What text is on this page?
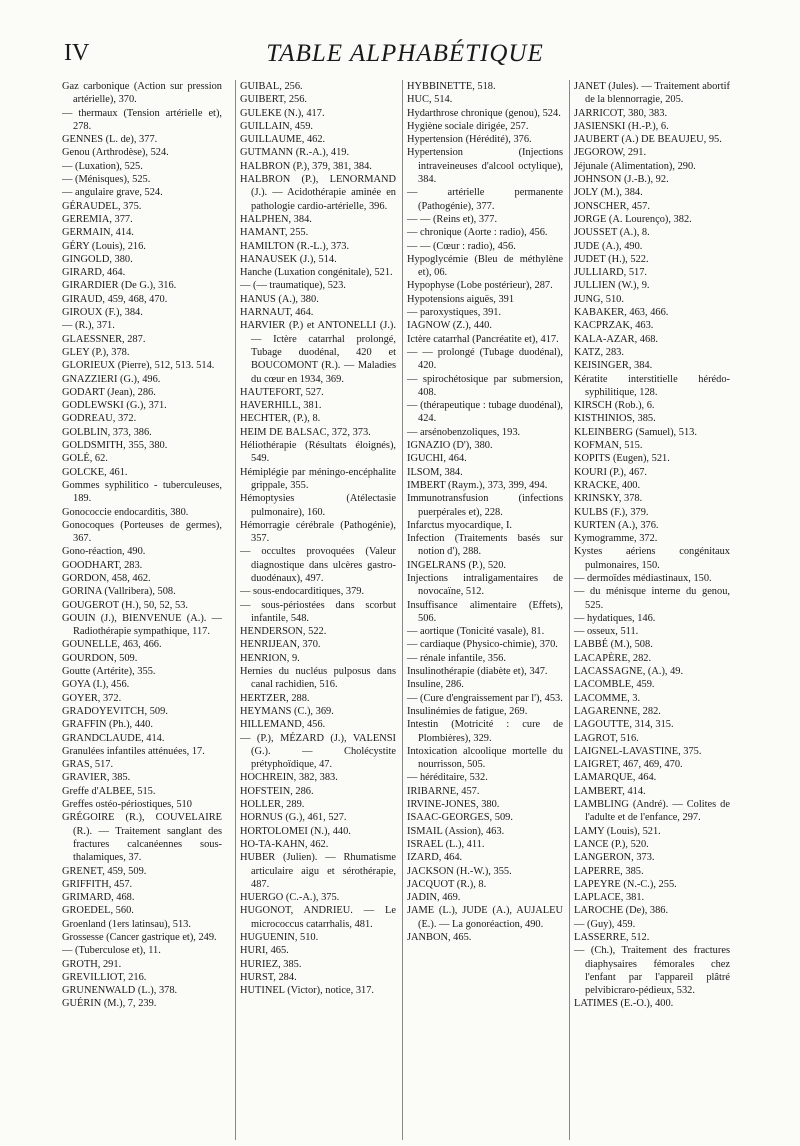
IV	TABLE ALPHABÉTIQUE

Gaz carbonique (Action sur pression artérielle), 370.

— thermaux (Tension artérielle et), 278.

GENNES (L. de), 377.

Genou (Arthrodèse), 524.

— (Luxation), 525.

— (Ménisques), 525.

— angulaire grave, 524.

GÉRAUDEL, 375.

GEREMIA, 377.

GERMAIN, 414.

GÉRY (Louis), 216.

GINGOLD, 380.

GIRARD, 464.

GIRARDIER (De G.), 316.

GIRAUD, 459, 468, 470.

GIROUX (F.), 384.

— (R.), 371.

GLAESSNER, 287.

GLEY (P.), 378.

GLORIEUX (Pierre), 512, 513. 514.

GNAZZIERI (G.), 496.

GODART (Jean), 286.

GODLEWSKI (G.), 371.

GODREAU, 372.

GOLBLIN, 373, 386.

GOLDSMITH, 355, 380.

GOLÉ, 62.

GOLCKE, 461.

Gommes syphilitico - tuberculeuses, 189.

Gonococcie endocarditis, 380.

Gonocoques (Porteuses de germes), 367.

Gono-réaction, 490.

GOODHART, 283.

GORDON, 458, 462.

GORINA (Vallribera), 508.

GOUGEROT (H.), 50, 52, 53.

GOUIN (J.), BIENVENUE (A.). — Radiothérapie sympathique, 117.

GOUNELLE, 463, 466.

GOURDON, 509.

Goutte (Artérite), 355.

GOYA (I.), 456.

GOYER, 372.

GRADOYEVITCH, 509.

GRAFFIN (Ph.), 440.

GRANDCLAUDE, 414.

Granulées infantiles atténuées, 17.

GRAS, 517.

GRAVIER, 385.

Greffe d'ALBEE, 515.

Greffes ostéo-périostiques, 510

GRÉGOIRE (R.), COUVELAIRE (R.). — Traitement sanglant des fractures calcanéennes sous-thalamiques, 37.

GRENET, 459, 509.

GRIFFITH, 457.

GRIMARD, 468.

GROEDEL, 560.

Groenland (1ers latinsau), 513.

Grossesse (Cancer gastrique et), 249.

— (Tuberculose et), 11.

GROTH, 291.

GREVILLIOT, 216.

GRUNENWALD (L.), 378.

GUÉRIN (M.), 7, 239.

GUIBAL, 256.

GUIBERT, 256.

GULEKE (N.), 417.

GUILLAIN, 459.

GUILLAUME, 462.

GUTMANN (R.-A.), 419.

HALBRON (P.), 379, 381, 384.

HALBRON (P.), LENORMAND (J.). — Acidothérapie aminée en pathologie cardio-artérielle, 396.

HALPHEN, 384.

HAMANT, 255.

HAMILTON (R.-L.), 373.

HANAUSEK (J.), 514.

Hanche (Luxation congénitale), 521.

— (— traumatique), 523.

HANUS (A.), 380.

HARNAUT, 464.

HARVIER (P.) et ANTONELLI (J.). — Ictère catarrhal prolongé, Tubage duodénal, 420 et BOUCOMONT (R.). — Maladies du cœur en 1934, 369.

HAUTEFORT, 527.

HAVERHILL, 381.

HECHTER, (P.), 8.

HEIM DE BALSAC, 372, 373.

Héliothérapie (Résultats éloignés), 549.

Hémiplégie par méningo-encéphalite grippale, 355.

Hémoptysies (Atélectasie pulmonaire), 160.

Hémorragie cérébrale (Pathogénie), 357.

— occultes provoquées (Valeur diagnostique dans ulcères gastro-duodénaux), 497.

— sous-endocarditiques, 379.

— sous-périostées dans scorbut infantile, 548.

HENDERSON, 522.

HENRIJEAN, 370.

HENRION, 9.

Hernies du nucléus pulposus dans canal rachidien, 516.

HERTZER, 288.

HEYMANS (C.), 369.

HILLEMAND, 456.

— (P.), MÉZARD (J.), VALENSI (G.). — Cholécystite prétyphoïdique, 47.

HOCHREIN, 382, 383.

HOFSTEIN, 286.

HOLLER, 289.

HORNUS (G.), 461, 527.

HORTOLOMEI (N.), 440.

HO-TA-KAHN, 462.

HUBER (Julien). — Rhumatisme articulaire aigu et sérothérapie, 487.

HUERGO (C.-A.), 375.

HUGONOT, ANDRIEU. — Le micrococcus catarrhalis, 481.

HUGUENIN, 510.

HURI, 465.

HURIEZ, 385.

HURST, 284.

HUTINEL (Victor), notice, 317.

HYBBINETTE, 518.

HUC, 514.

Hydarthrose chronique (genou), 524.

Hygiène sociale dirigée, 257.

Hypertension (Hérédité), 376.

Hypertension (Injections intraveineuses d'alcool octylique), 384.

— artérielle permanente (Pathogénie), 377.

— — (Reins et), 377.

— chronique (Aorte : radio), 456.

— — (Cœur : radio), 456.

Hypoglycémie (Bleu de méthylène et), 06.

Hypophyse (Lobe postérieur), 287.

Hypotensions aiguës, 391

— paroxystiques, 391.

IAGNOW (Z.), 440.

Ictère catarrhal (Pancréatite et), 417.

— — prolongé (Tubage duodénal), 420.

— spirochétosique par submersion, 408.

— (thérapeutique : tubage duodénal), 424.

— arsénobenzoliques, 193.

IGNAZIO (D'), 380.

IGUCHI, 464.

ILSOM, 384.

IMBERT (Raym.), 373, 399, 494.

Immunotransfusion (infections puerpérales et), 228.

Infarctus myocardique, I.

Infection (Traitements basés sur notion d'), 288.

INGELRANS (P.), 520.

Injections intraligamentaires de novocaïne, 512.

Insuffisance alimentaire (Effets), 506.

— aortique (Tonicité vasale), 81.

— cardiaque (Physico-chimie), 370.

— rénale infantile, 356.

Insulinothérapie (diabète et), 347.

Insuline, 286.

— (Cure d'engraissement par l'), 453.

Insulinémies de fatigue, 269.

Intestin (Motricité : cure de Plombières), 329.

Intoxication alcoolique mortelle du nourrisson, 505.

— héréditaire, 532.

IRIBARNE, 457.

IRVINE-JONES, 380.

ISAAC-GEORGES, 509.

ISMAIL (Assion), 463.

ISRAEL (L.), 411.

IZARD, 464.

JACKSON (H.-W.), 355.

JACQUOT (R.), 8.

JADIN, 469.

JAME (L.), JUDE (A.), AUJALEU (E.). — La gonoréaction, 490.

JANBON, 465.

JANET (Jules). — Traitement abortif de la blennorragie, 205.

JARRICOT, 380, 383.

JASIENSKI (H.-P.), 6.

JAUBERT (A.) DE BEAUJEU, 95.

JEGOROW, 291.

Jéjunale (Alimentation), 290.

JOHNSON (J.-B.), 92.

JOLY (M.), 384.

JONSCHER, 457.

JORGE (A. Lourenço), 382.

JOUSSET (A.), 8.

JUDE (A.), 490.

JUDET (H.), 522.

JULLIARD, 517.

JULLIEN (W.), 9.

JUNG, 510.

KABAKER, 463, 466.

KACPRZAK, 463.

KALA-AZAR, 468.

KATZ, 283.

KEISINGER, 384.

Kératite interstitielle hérédo-syphilitique, 128.

KIRSCH (Rob.), 6.

KISTHINIOS, 385.

KLEINBERG (Samuel), 513.

KOFMAN, 515.

KOPITS (Eugen), 521.

KOURI (P.), 467.

KRACKE, 400.

KRINSKY, 378.

KULBS (F.), 379.

KURTEN (A.), 376.

Kymogramme, 372.

Kystes aériens congénitaux pulmonaires, 150.

— dermoïdes médiastinaux, 150.

— du ménisque interne du genou, 525.

— hydatiques, 146.

— osseux, 511.

LABBÉ (M.), 508.

LACAPÈRE, 282.

LACASSAGNE, (A.), 49.

LACOMBLE, 459.

LACOMME, 3.

LAGARENNE, 282.

LAGOUTTE, 314, 315.

LAGROT, 516.

LAIGNEL-LAVASTINE, 375.

LAIGRET, 467, 469, 470.

LAMARQUE, 464.

LAMBERT, 414.

LAMBLING (André). — Colites de l'adulte et de l'enfance, 297.

LAMY (Louis), 521.

LANCE (P.), 520.

LANGERON, 373.

LAPERRE, 385.

LAPEYRE (N.-C.), 255.

LAPLACE, 381.

LAROCHE (De), 386.

— (Guy), 459.

LASSERRE, 512.

— (Ch.), Traitement des fractures diaphysaires fémorales chez l'enfant par l'appareil plâtré pelvibicraro-pédieux, 532.

LATIMES (E.-O.), 400.
